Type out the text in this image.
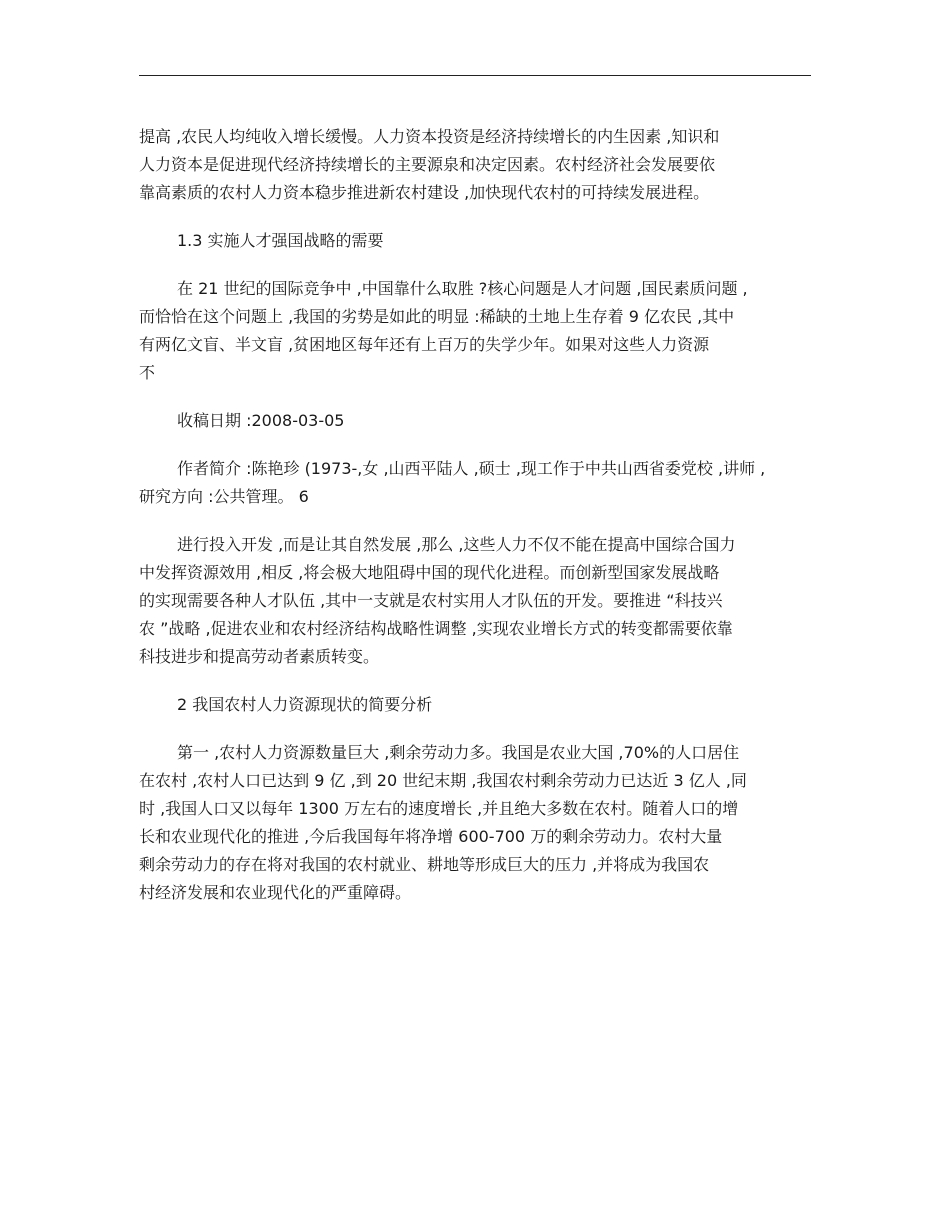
提高 ,农民人均纯收入增长缓慢。人力资本投资是经济持续增长的内生因素 ,知识和
人力资本是促进现代经济持续增长的主要源泉和决定因素。农村经济社会发展要依
靠高素质的农村人力资本稳步推进新农村建设 ,加快现代农村的可持续发展进程。
1.3 实施人才强国战略的需要
在 21 世纪的国际竞争中 ,中国靠什么取胜 ?核心问题是人才问题 ,国民素质问题 ,
而恰恰在这个问题上 ,我国的劣势是如此的明显 :稀缺的土地上生存着 9 亿农民 ,其中
有两亿文盲、半文盲 ,贫困地区每年还有上百万的失学少年。如果对这些人力资源
不
收稿日期 :2008-03-05
作者简介 :陈艳珍 (1973-,女 ,山西平陆人 ,硕士 ,现工作于中共山西省委党校 ,讲师 ,
研究方向 :公共管理。 6
进行投入开发 ,而是让其自然发展 ,那么 ,这些人力不仅不能在提高中国综合国力
中发挥资源效用 ,相反 ,将会极大地阻碍中国的现代化进程。而创新型国家发展战略
的实现需要各种人才队伍 ,其中一支就是农村实用人才队伍的开发。要推进 “科技兴
农 ”战略 ,促进农业和农村经济结构战略性调整 ,实现农业增长方式的转变都需要依靠
科技进步和提高劳动者素质转变。
2 我国农村人力资源现状的简要分析
第一 ,农村人力资源数量巨大 ,剩余劳动力多。我国是农业大国 ,70%的人口居住
在农村 ,农村人口已达到 9 亿 ,到 20 世纪末期 ,我国农村剩余劳动力已达近 3 亿人 ,同
时 ,我国人口又以每年 1300 万左右的速度增长 ,并且绝大多数在农村。随着人口的增
长和农业现代化的推进 ,今后我国每年将净增 600-700 万的剩余劳动力。农村大量
剩余劳动力的存在将对我国的农村就业、耕地等形成巨大的压力 ,并将成为我国农
村经济发展和农业现代化的严重障碍。
